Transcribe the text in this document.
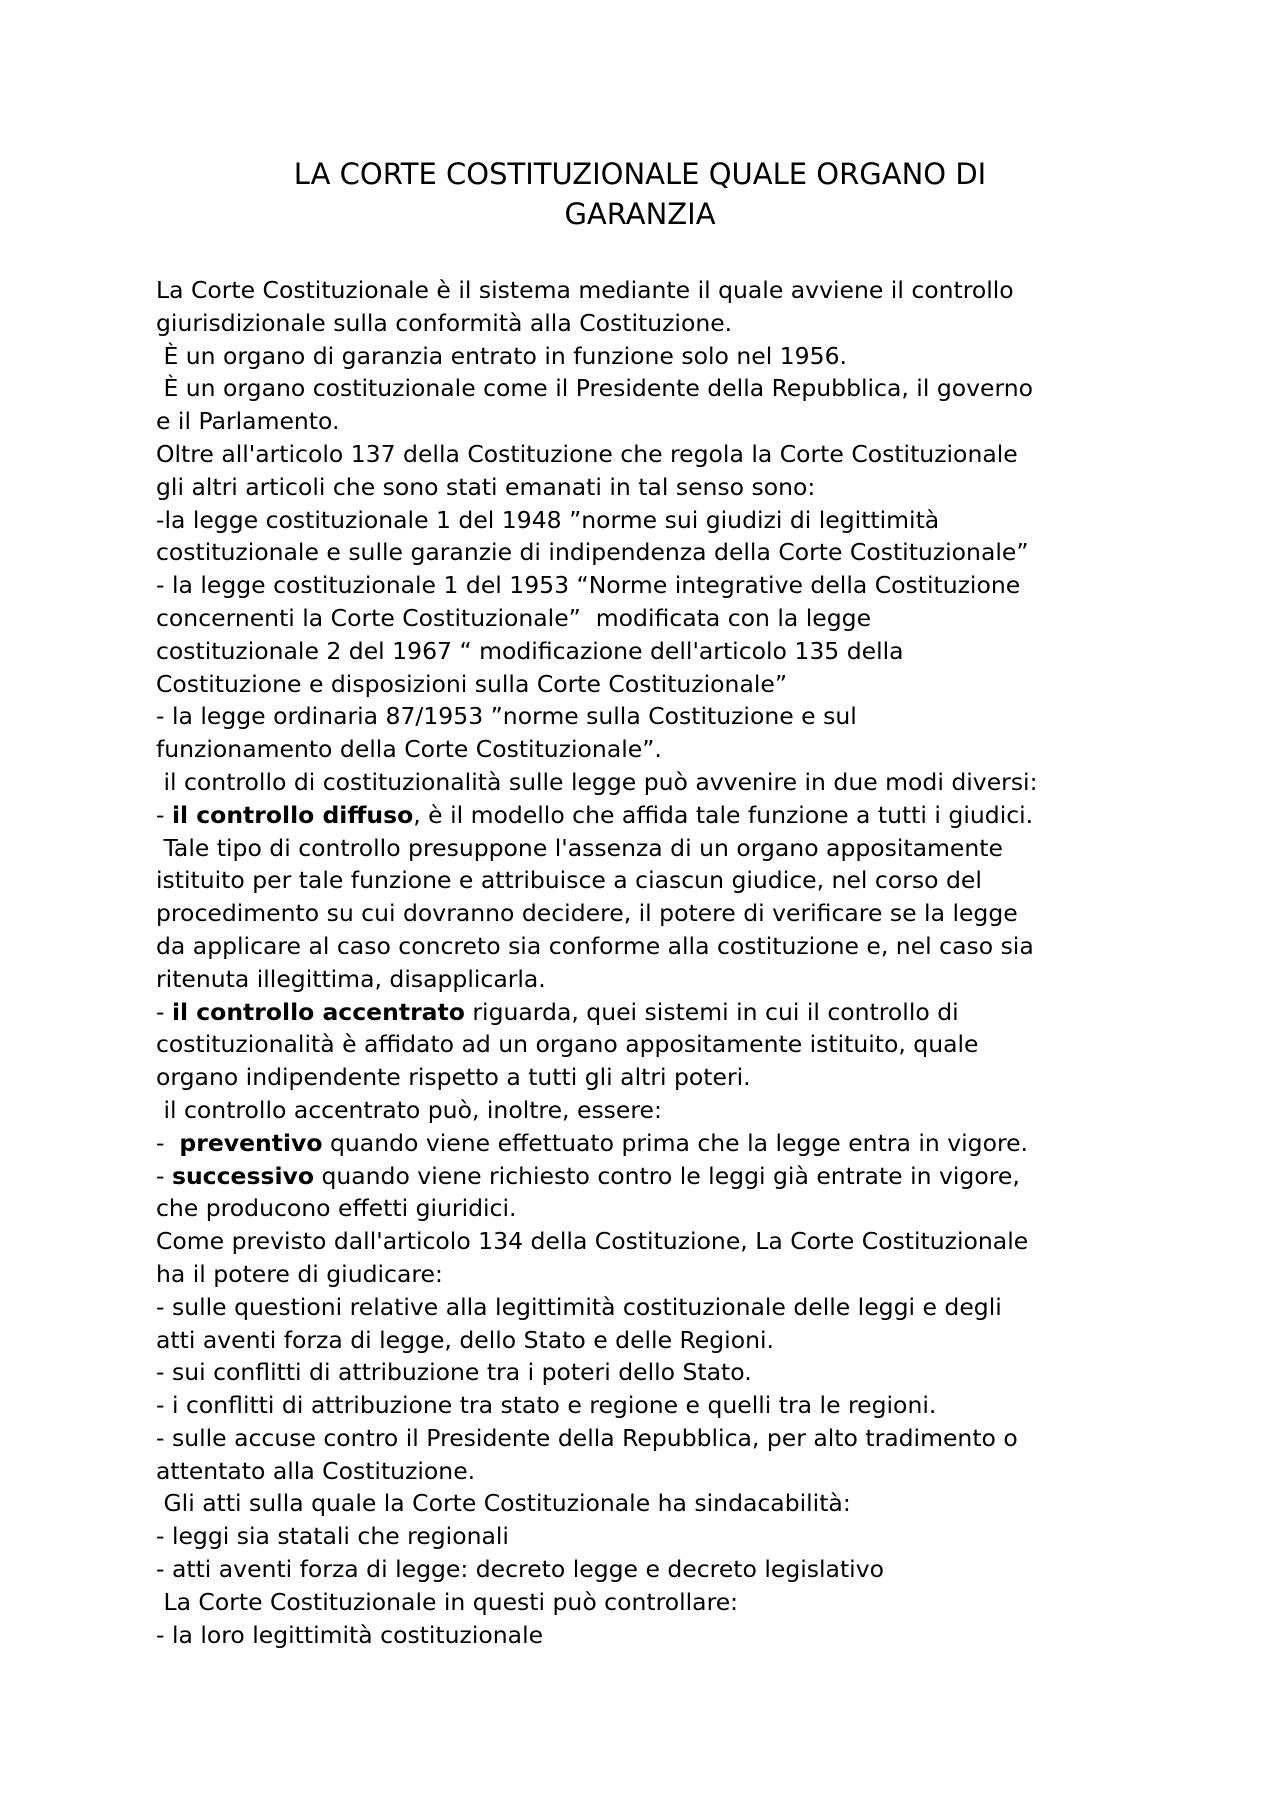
LA CORTE COSTITUZIONALE QUALE ORGANO DI
GARANZIA
La Corte Costituzionale è il sistema mediante il quale avviene il controllo
giurisdizionale sulla conformità alla Costituzione.
È un organo di garanzia entrato in funzione solo nel 1956.
È un organo costituzionale come il Presidente della Repubblica, il governo
e il Parlamento.
Oltre all'articolo 137 della Costituzione che regola la Corte Costituzionale
gli altri articoli che sono stati emanati in tal senso sono:
-la legge costituzionale 1 del 1948 ”norme sui giudizi di legittimità
costituzionale e sulle garanzie di indipendenza della Corte Costituzionale”
- la legge costituzionale 1 del 1953 “Norme integrative della Costituzione
concernenti la Corte Costituzionale”  modificata con la legge
costituzionale 2 del 1967 “ modificazione dell'articolo 135 della
Costituzione e disposizioni sulla Corte Costituzionale”
- la legge ordinaria 87/1953 ”norme sulla Costituzione e sul
funzionamento della Corte Costituzionale”.
il controllo di costituzionalità sulle legge può avvenire in due modi diversi:
- il controllo diffuso, è il modello che affida tale funzione a tutti i giudici.
Tale tipo di controllo presuppone l'assenza di un organo appositamente
istituito per tale funzione e attribuisce a ciascun giudice, nel corso del
procedimento su cui dovranno decidere, il potere di verificare se la legge
da applicare al caso concreto sia conforme alla costituzione e, nel caso sia
ritenuta illegittima, disapplicarla.
- il controllo accentrato riguarda, quei sistemi in cui il controllo di
costituzionalità è affidato ad un organo appositamente istituito, quale
organo indipendente rispetto a tutti gli altri poteri.
il controllo accentrato può, inoltre, essere:
-  preventivo quando viene effettuato prima che la legge entra in vigore.
- successivo quando viene richiesto contro le leggi già entrate in vigore,
che producono effetti giuridici.
Come previsto dall'articolo 134 della Costituzione, La Corte Costituzionale
ha il potere di giudicare:
- sulle questioni relative alla legittimità costituzionale delle leggi e degli
atti aventi forza di legge, dello Stato e delle Regioni.
- sui conflitti di attribuzione tra i poteri dello Stato.
- i conflitti di attribuzione tra stato e regione e quelli tra le regioni.
- sulle accuse contro il Presidente della Repubblica, per alto tradimento o
attentato alla Costituzione.
Gli atti sulla quale la Corte Costituzionale ha sindacabilità:
- leggi sia statali che regionali
- atti aventi forza di legge: decreto legge e decreto legislativo
La Corte Costituzionale in questi può controllare:
- la loro legittimità costituzionale
